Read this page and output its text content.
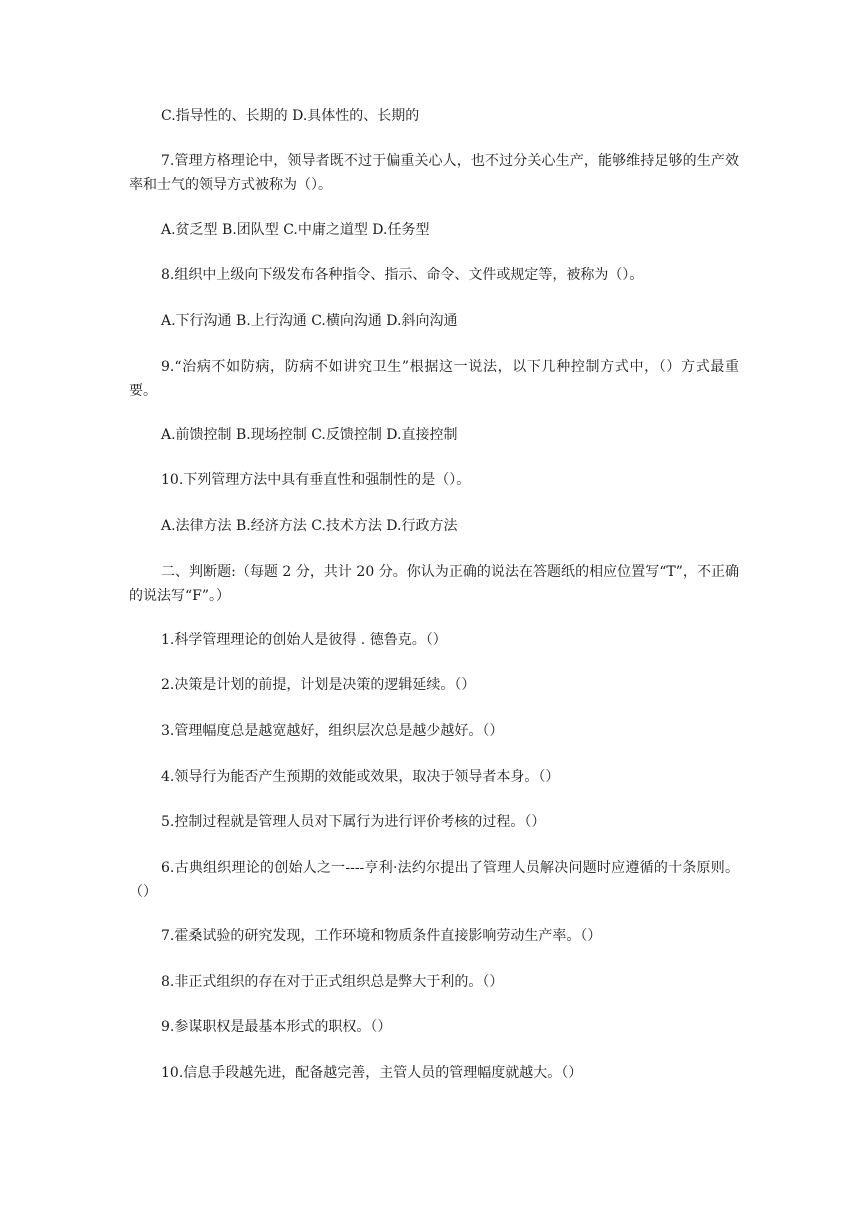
C.指导性的、长期的 D.具体性的、长期的

7.管理方格理论中，领导者既不过于偏重关心人，也不过分关心生产，能够维持足够的生产效率和士气的领导方式被称为（）。

A.贫乏型 B.团队型 C.中庸之道型 D.任务型

8.组织中上级向下级发布各种指令、指示、命令、文件或规定等，被称为（）。

A.下行沟通 B.上行沟通 C.横向沟通 D.斜向沟通

9.“治病不如防病，防病不如讲究卫生”根据这一说法，以下几种控制方式中，（）方式最重要。

A.前馈控制 B.现场控制 C.反馈控制 D.直接控制

10.下列管理方法中具有垂直性和强制性的是（）。

A.法律方法 B.经济方法 C.技术方法 D.行政方法

二、判断题:（每题 2 分，共计 20 分。你认为正确的说法在答题纸的相应位置写“T”，不正确的说法写“F”。）

1.科学管理理论的创始人是彼得 . 德鲁克。（）

2.决策是计划的前提，计划是决策的逻辑延续。（）

3.管理幅度总是越宽越好，组织层次总是越少越好。（）

4.领导行为能否产生预期的效能或效果，取决于领导者本身。（）

5.控制过程就是管理人员对下属行为进行评价考核的过程。（）

6.古典组织理论的创始人之一----亨利·法约尔提出了管理人员解决问题时应遵循的十条原则。（）

7.霍桑试验的研究发现，工作环境和物质条件直接影响劳动生产率。（）

8.非正式组织的存在对于正式组织总是弊大于利的。（）

9.参谋职权是最基本形式的职权。（）

10.信息手段越先进，配备越完善，主管人员的管理幅度就越大。（）
